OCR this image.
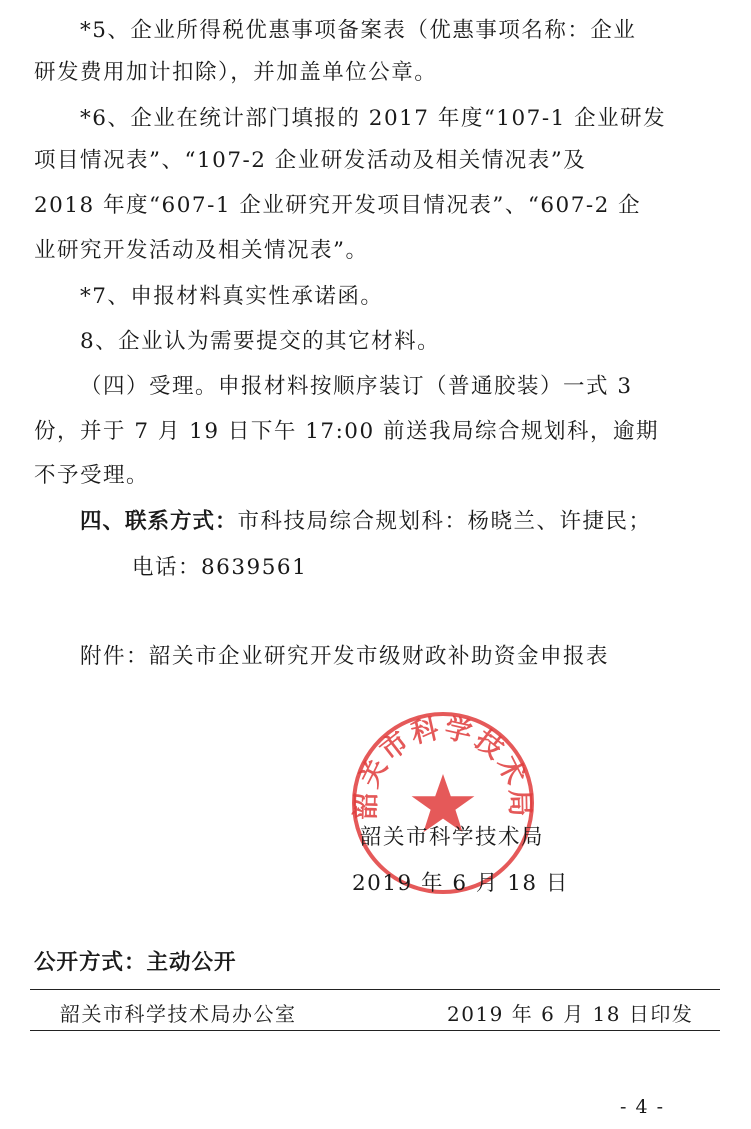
*5、企业所得税优惠事项备案表（优惠事项名称：企业
研发费用加计扣除），并加盖单位公章。
*6、企业在统计部门填报的 2017 年度“107-1 企业研发
项目情况表”、“107-2 企业研发活动及相关情况表”及
2018 年度“607-1 企业研究开发项目情况表”、“607-2 企
业研究开发活动及相关情况表”。
*7、申报材料真实性承诺函。
8、企业认为需要提交的其它材料。
（四）受理。申报材料按顺序装订（普通胶装）一式 3
份，并于 7 月 19 日下午 17:00 前送我局综合规划科，逾期
不予受理。
四、联系方式：市科技局综合规划科：杨晓兰、许捷民；
电话：8639561
附件：韶关市企业研究开发市级财政补助资金申报表
韶关市科学技术局
韶关市科学技术局
2019 年 6 月 18 日
公开方式：主动公开
韶关市科学技术局办公室	2019 年 6 月 18 日印发
- 4 -
